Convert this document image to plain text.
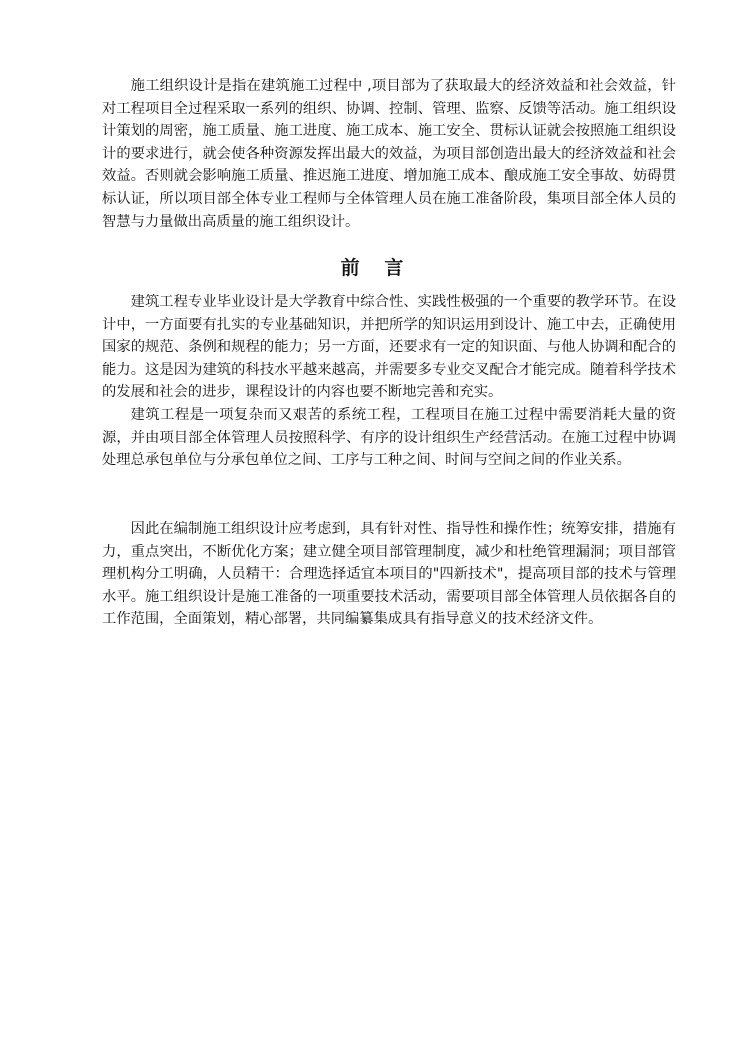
施工组织设计是指在建筑施工过程中 ,项目部为了获取最大的经济效益和社会效益，针对工程项目全过程采取一系列的组织、协调、控制、管理、监察、反馈等活动。施工组织设计策划的周密，施工质量、施工进度、施工成本、施工安全、贯标认证就会按照施工组织设计的要求进行，就会使各种资源发挥出最大的效益，为项目部创造出最大的经济效益和社会效益。否则就会影响施工质量、推迟施工进度、增加施工成本、酿成施工安全事故、妨碍贯标认证，所以项目部全体专业工程师与全体管理人员在施工准备阶段，集项目部全体人员的智慧与力量做出高质量的施工组织设计。

前言

建筑工程专业毕业设计是大学教育中综合性、实践性极强的一个重要的教学环节。在设计中，一方面要有扎实的专业基础知识，并把所学的知识运用到设计、施工中去，正确使用国家的规范、条例和规程的能力；另一方面，还要求有一定的知识面、与他人协调和配合的能力。这是因为建筑的科技水平越来越高，并需要多专业交叉配合才能完成。随着科学技术的发展和社会的进步，课程设计的内容也要不断地完善和充实。

建筑工程是一项复杂而又艰苦的系统工程，工程项目在施工过程中需要消耗大量的资源，并由项目部全体管理人员按照科学、有序的设计组织生产经营活动。在施工过程中协调处理总承包单位与分承包单位之间、工序与工种之间、时间与空间之间的作业关系。

因此在编制施工组织设计应考虑到，具有针对性、指导性和操作性；统筹安排，措施有力，重点突出，不断优化方案；建立健全项目部管理制度，减少和杜绝管理漏洞；项目部管理机构分工明确，人员精干：合理选择适宜本项目的"四新技术"，提高项目部的技术与管理水平。施工组织设计是施工准备的一项重要技术活动，需要项目部全体管理人员依据各自的工作范围，全面策划，精心部署，共同编纂集成具有指导意义的技术经济文件。
